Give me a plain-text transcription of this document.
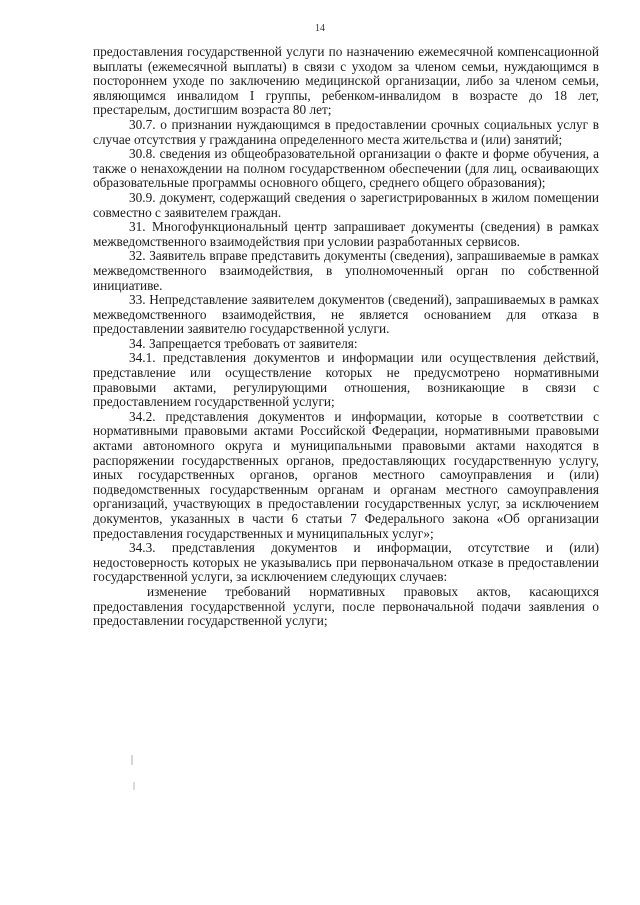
14

предоставления государственной услуги по назначению ежемесячной компенсационной выплаты (ежемесячной выплаты) в связи с уходом за членом семьи, нуждающимся в постороннем уходе по заключению медицинской организации, либо за членом семьи, являющимся инвалидом I группы, ребенком-инвалидом в возрасте до 18 лет, престарелым, достигшим возраста 80 лет;

30.7. о признании нуждающимся в предоставлении срочных социальных услуг в случае отсутствия у гражданина определенного места жительства и (или) занятий;

30.8. сведения из общеобразовательной организации о факте и форме обучения, а также о ненахождении на полном государственном обеспечении (для лиц, осваивающих образовательные программы основного общего, среднего общего образования);

30.9. документ, содержащий сведения о зарегистрированных в жилом помещении совместно с заявителем граждан.

31. Многофункциональный центр запрашивает документы (сведения) в рамках межведомственного взаимодействия при условии разработанных сервисов.

32. Заявитель вправе представить документы (сведения), запрашиваемые в рамках межведомственного взаимодействия, в уполномоченный орган по собственной инициативе.

33. Непредставление заявителем документов (сведений), запрашиваемых в рамках межведомственного взаимодействия, не является основанием для отказа в предоставлении заявителю государственной услуги.

34. Запрещается требовать от заявителя:

34.1. представления документов и информации или осуществления действий, представление или осуществление которых не предусмотрено нормативными правовыми актами, регулирующими отношения, возникающие в связи с предоставлением государственной услуги;

34.2. представления документов и информации, которые в соответствии с нормативными правовыми актами Российской Федерации, нормативными правовыми актами автономного округа и муниципальными правовыми актами находятся в распоряжении государственных органов, предоставляющих государственную услугу, иных государственных органов, органов местного самоуправления и (или) подведомственных государственным органам и органам местного самоуправления организаций, участвующих в предоставлении государственных услуг, за исключением документов, указанных в части 6 статьи 7 Федерального закона «Об организации предоставления государственных и муниципальных услуг»;

34.3. представления документов и информации, отсутствие и (или) недостоверность которых не указывались при первоначальном отказе в предоставлении государственной услуги, за исключением следующих случаев:

изменение требований нормативных правовых актов, касающихся предоставления государственной услуги, после первоначальной подачи заявления о предоставлении государственной услуги;
